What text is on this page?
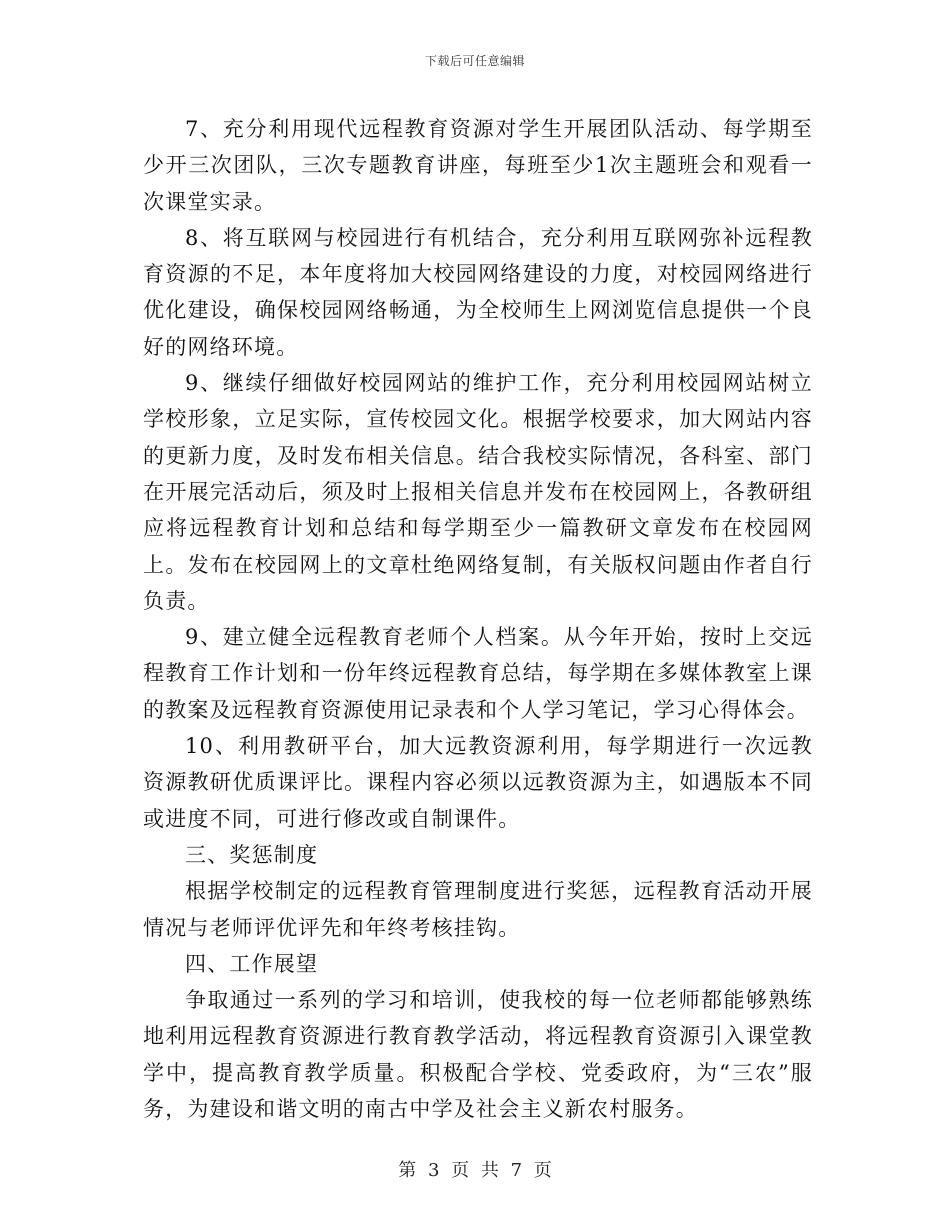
下载后可任意编辑

7、充分利用现代远程教育资源对学生开展团队活动、每学期至少开三次团队，三次专题教育讲座，每班至少1次主题班会和观看一次课堂实录。

8、将互联网与校园进行有机结合，充分利用互联网弥补远程教育资源的不足，本年度将加大校园网络建设的力度，对校园网络进行优化建设，确保校园网络畅通，为全校师生上网浏览信息提供一个良好的网络环境。

9、继续仔细做好校园网站的维护工作，充分利用校园网站树立学校形象，立足实际，宣传校园文化。根据学校要求，加大网站内容的更新力度，及时发布相关信息。结合我校实际情况，各科室、部门在开展完活动后，须及时上报相关信息并发布在校园网上，各教研组应将远程教育计划和总结和每学期至少一篇教研文章发布在校园网上。发布在校园网上的文章杜绝网络复制，有关版权问题由作者自行负责。

9、建立健全远程教育老师个人档案。从今年开始，按时上交远程教育工作计划和一份年终远程教育总结，每学期在多媒体教室上课的教案及远程教育资源使用记录表和个人学习笔记，学习心得体会。

10、利用教研平台，加大远教资源利用，每学期进行一次远教资源教研优质课评比。课程内容必须以远教资源为主，如遇版本不同或进度不同，可进行修改或自制课件。

三、奖惩制度

根据学校制定的远程教育管理制度进行奖惩，远程教育活动开展情况与老师评优评先和年终考核挂钩。

四、工作展望

争取通过一系列的学习和培训，使我校的每一位老师都能够熟练地利用远程教育资源进行教育教学活动，将远程教育资源引入课堂教学中，提高教育教学质量。积极配合学校、党委政府，为“三农”服务，为建设和谐文明的南古中学及社会主义新农村服务。

第 3 页 共 7 页
